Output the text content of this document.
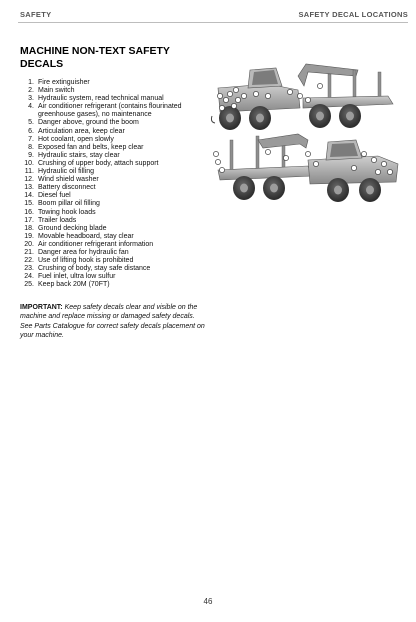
SAFETY	SAFETY DECAL LOCATIONS
MACHINE NON-TEXT SAFETY DECALS
1. Fire extinguisher
2. Main switch
3. Hydraulic system, read technical manual
4. Air conditioner refrigerant (contains flourinated greenhouse gases), no maintenance
5. Danger above, ground the boom
6. Articulation area, keep clear
7. Hot coolant, open slowly
8. Exposed fan and belts, keep clear
9. Hydraulic stairs, stay clear
10. Crushing of upper body, attach support
11. Hydraulic oil filling
12. Wind shield washer
13. Battery disconnect
14. Diesel fuel
15. Boom pillar oil filling
16. Towing hook loads
17. Trailer loads
18. Ground decking blade
19. Movable headboard, stay clear
20. Air conditioner refrigerant information
21. Danger area for hydraulic fan
22. Use of lifting hook is prohibited
23. Crushing of body, stay safe distance
24. Fuel inlet, ultra low sulfur
25. Keep back 20M (70FT)
IMPORTANT: Keep safety decals clear and visible on the machine and replace missing or damaged safety decals. See Parts Catalogue for correct safety decals placement on your machine.
46
